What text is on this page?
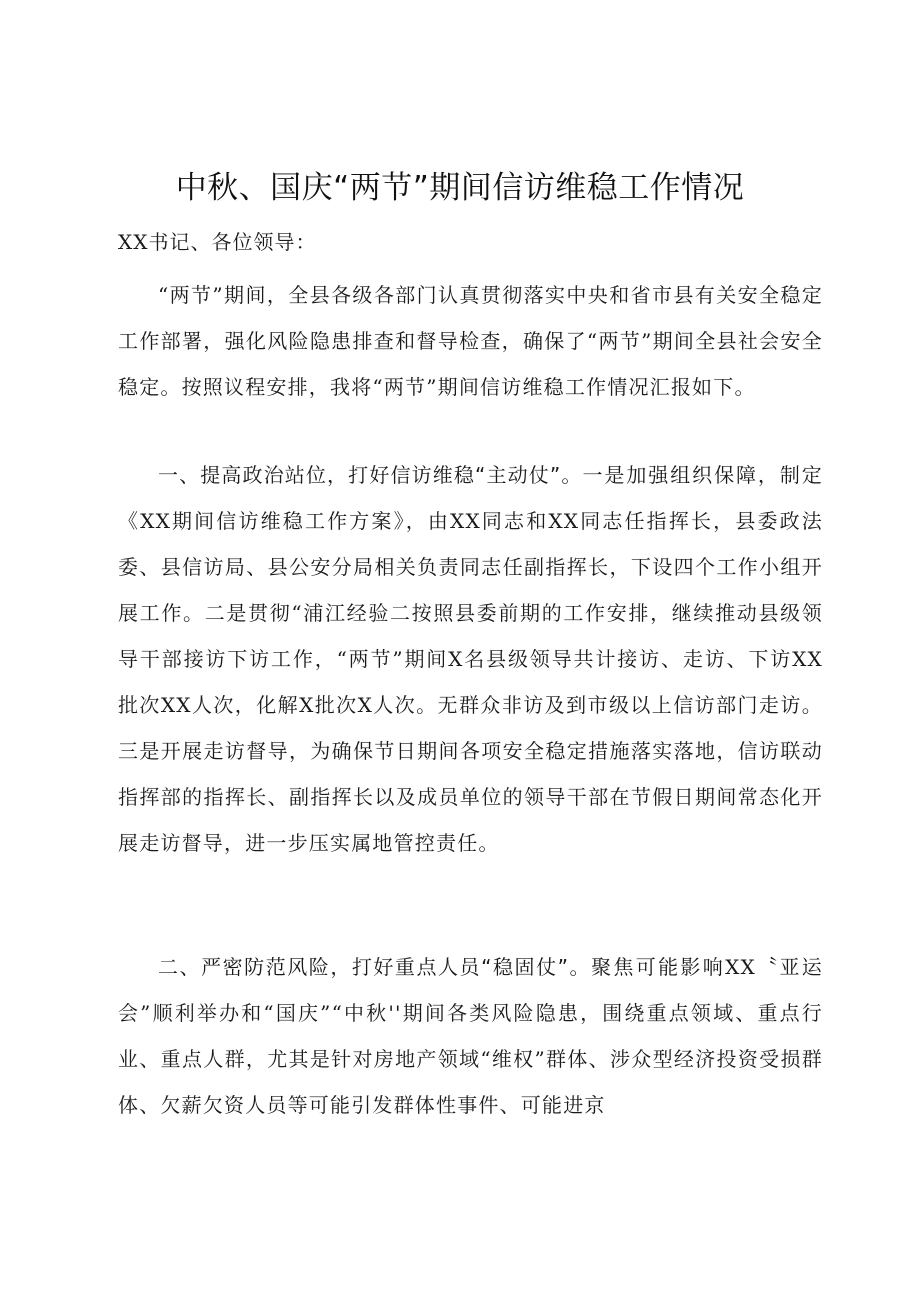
中秋、国庆“两节”期间信访维稳工作情况
XX书记、各位领导：

“两节”期间，全县各级各部门认真贯彻落实中央和省市县有关安全稳定工作部署，强化风险隐患排查和督导检查，确保了“两节”期间全县社会安全稳定。按照议程安排，我将“两节”期间信访维稳工作情况汇报如下。

一、提高政治站位，打好信访维稳“主动仗”。一是加强组织保障，制定《XX期间信访维稳工作方案》，由XX同志和XX同志任指挥长，县委政法委、县信访局、县公安分局相关负责同志任副指挥长，下设四个工作小组开展工作。二是贯彻“浦江经验二按照县委前期的工作安排，继续推动县级领导干部接访下访工作，“两节”期间X名县级领导共计接访、走访、下访XX批次XX人次，化解X批次X人次。无群众非访及到市级以上信访部门走访。三是开展走访督导，为确保节日期间各项安全稳定措施落实落地，信访联动指挥部的指挥长、副指挥长以及成员单位的领导干部在节假日期间常态化开展走访督导，进一步压实属地管控责任。

二、严密防范风险，打好重点人员“稳固仗”。聚焦可能影响XX〝亚运会”顺利举办和“国庆”“中秋''期间各类风险隐患，围绕重点领域、重点行业、重点人群，尤其是针对房地产领域“维权”群体、涉众型经济投资受损群体、欠薪欠资人员等可能引发群体性事件、可能进京
